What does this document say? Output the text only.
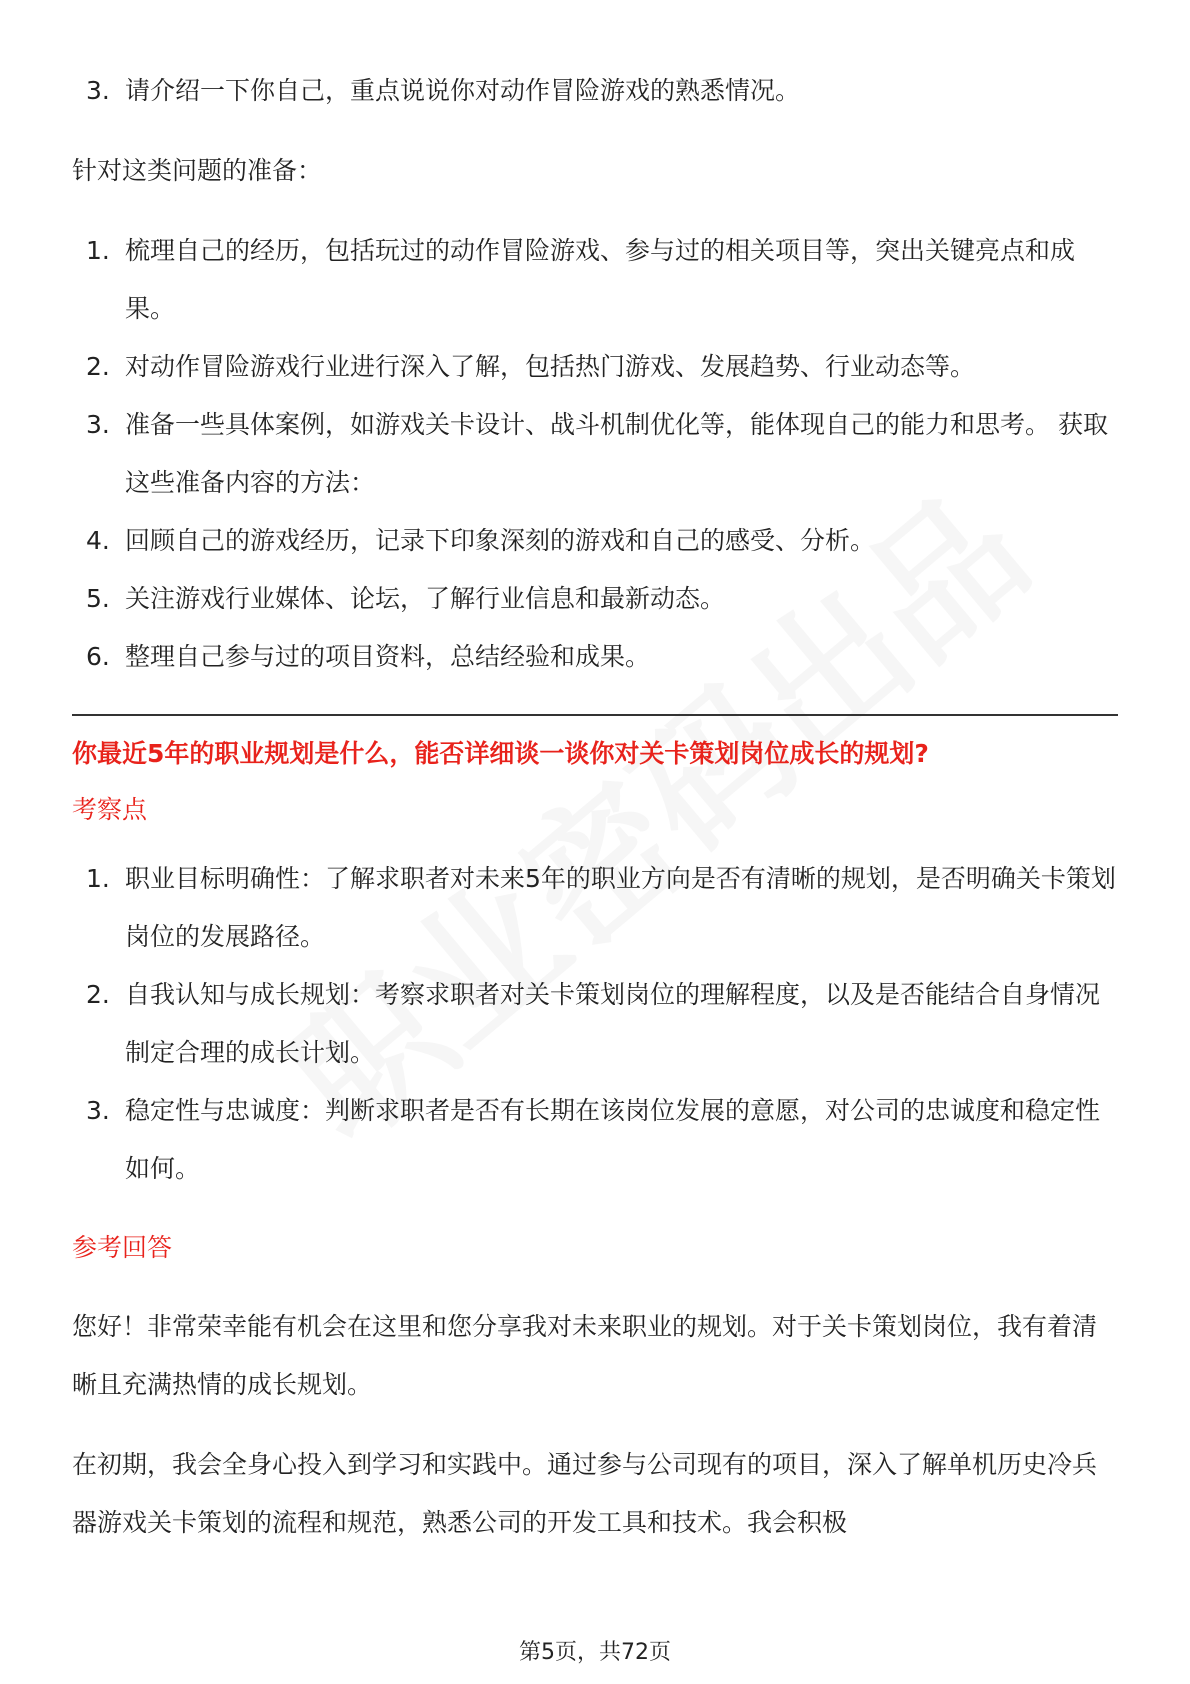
3. 请介绍一下你自己，重点说说你对动作冒险游戏的熟悉情况。

针对这类问题的准备：

1. 梳理自己的经历，包括玩过的动作冒险游戏、参与过的相关项目等，突出关键亮点和成果。
2. 对动作冒险游戏行业进行深入了解，包括热门游戏、发展趋势、行业动态等。
3. 准备一些具体案例，如游戏关卡设计、战斗机制优化等，能体现自己的能力和思考。 获取这些准备内容的方法：
4. 回顾自己的游戏经历，记录下印象深刻的游戏和自己的感受、分析。
5. 关注游戏行业媒体、论坛，了解行业信息和最新动态。
6. 整理自己参与过的项目资料，总结经验和成果。

你最近5年的职业规划是什么，能否详细谈一谈你对关卡策划岗位成长的规划?

考察点

1. 职业目标明确性：了解求职者对未来5年的职业方向是否有清晰的规划，是否明确关卡策划岗位的发展路径。
2. 自我认知与成长规划：考察求职者对关卡策划岗位的理解程度，以及是否能结合自身情况制定合理的成长计划。
3. 稳定性与忠诚度：判断求职者是否有长期在该岗位发展的意愿，对公司的忠诚度和稳定性如何。

参考回答

您好！非常荣幸能有机会在这里和您分享我对未来职业的规划。对于关卡策划岗位，我有着清晰且充满热情的成长规划。

在初期，我会全身心投入到学习和实践中。通过参与公司现有的项目，深入了解单机历史冷兵器游戏关卡策划的流程和规范，熟悉公司的开发工具和技术。我会积极

第5页，共72页
